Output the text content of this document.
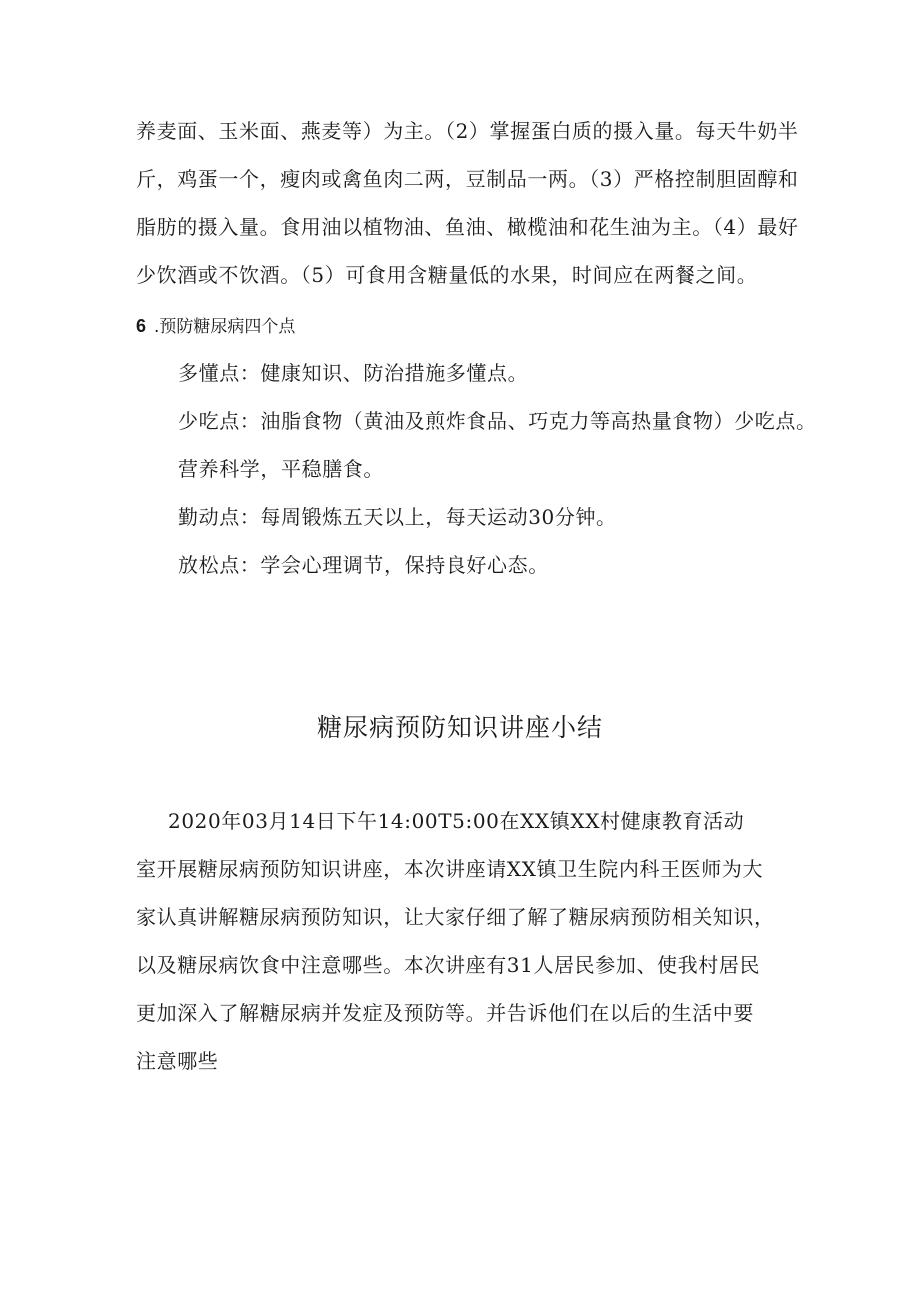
养麦面、玉米面、燕麦等）为主。（2）掌握蛋白质的摄入量。每天牛奶半
斤，鸡蛋一个，瘦肉或禽鱼肉二两，豆制品一两。（3）严格控制胆固醇和
脂肪的摄入量。食用油以植物油、鱼油、橄榄油和花生油为主。（4）最好
少饮酒或不饮酒。（5）可食用含糖量低的水果，时间应在两餐之间。
6 .预防糖尿病四个点
多懂点：健康知识、防治措施多懂点。
少吃点：油脂食物（黄油及煎炸食品、巧克力等高热量食物）少吃点。
营养科学，平稳膳食。
勤动点：每周锻炼五天以上，每天运动30分钟。
放松点：学会心理调节，保持良好心态。
糖尿病预防知识讲座小结
2020年03月14日下午14:00T5:00在XX镇XX村健康教育活动
室开展糖尿病预防知识讲座，本次讲座请XX镇卫生院内科王医师为大
家认真讲解糖尿病预防知识，让大家仔细了解了糖尿病预防相关知识，
以及糖尿病饮食中注意哪些。本次讲座有31人居民参加、使我村居民
更加深入了解糖尿病并发症及预防等。并告诉他们在以后的生活中要
注意哪些
